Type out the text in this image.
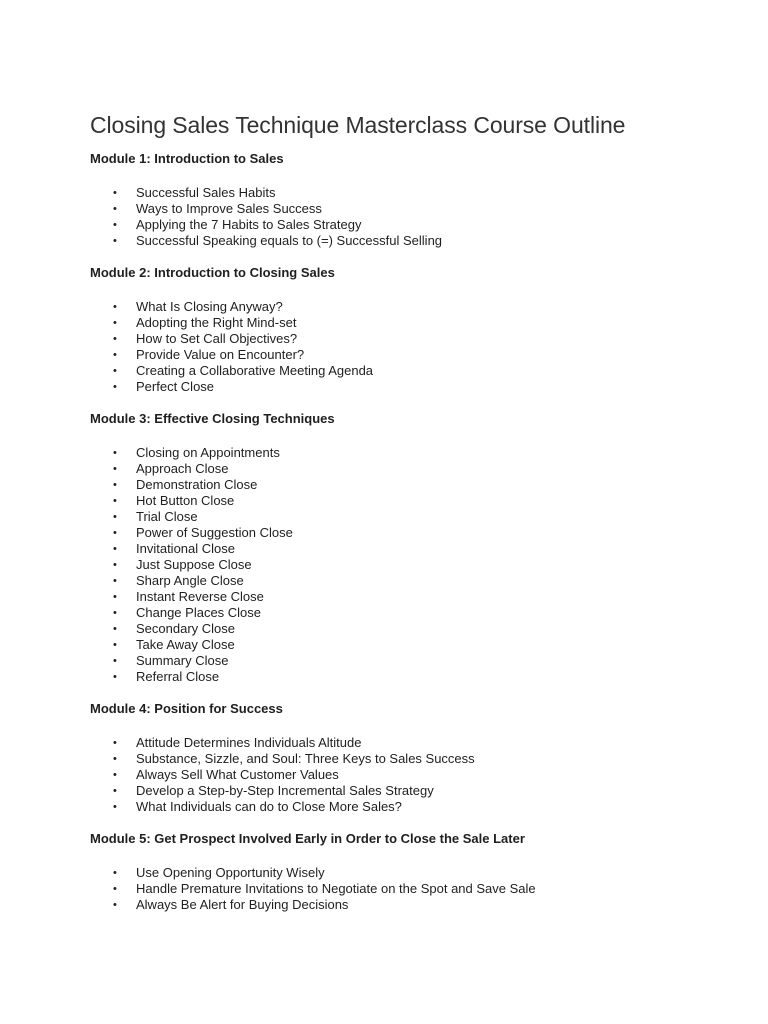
Closing Sales Technique Masterclass Course Outline
Module 1: Introduction to Sales
• Successful Sales Habits
• Ways to Improve Sales Success
• Applying the 7 Habits to Sales Strategy
• Successful Speaking equals to (=) Successful Selling
Module 2: Introduction to Closing Sales
• What Is Closing Anyway?
• Adopting the Right Mind-set
• How to Set Call Objectives?
• Provide Value on Encounter?
• Creating a Collaborative Meeting Agenda
• Perfect Close
Module 3: Effective Closing Techniques
• Closing on Appointments
• Approach Close
• Demonstration Close
• Hot Button Close
• Trial Close
• Power of Suggestion Close
• Invitational Close
• Just Suppose Close
• Sharp Angle Close
• Instant Reverse Close
• Change Places Close
• Secondary Close
• Take Away Close
• Summary Close
• Referral Close
Module 4: Position for Success
• Attitude Determines Individuals Altitude
• Substance, Sizzle, and Soul: Three Keys to Sales Success
• Always Sell What Customer Values
• Develop a Step-by-Step Incremental Sales Strategy
• What Individuals can do to Close More Sales?
Module 5: Get Prospect Involved Early in Order to Close the Sale Later
• Use Opening Opportunity Wisely
• Handle Premature Invitations to Negotiate on the Spot and Save Sale
• Always Be Alert for Buying Decisions
